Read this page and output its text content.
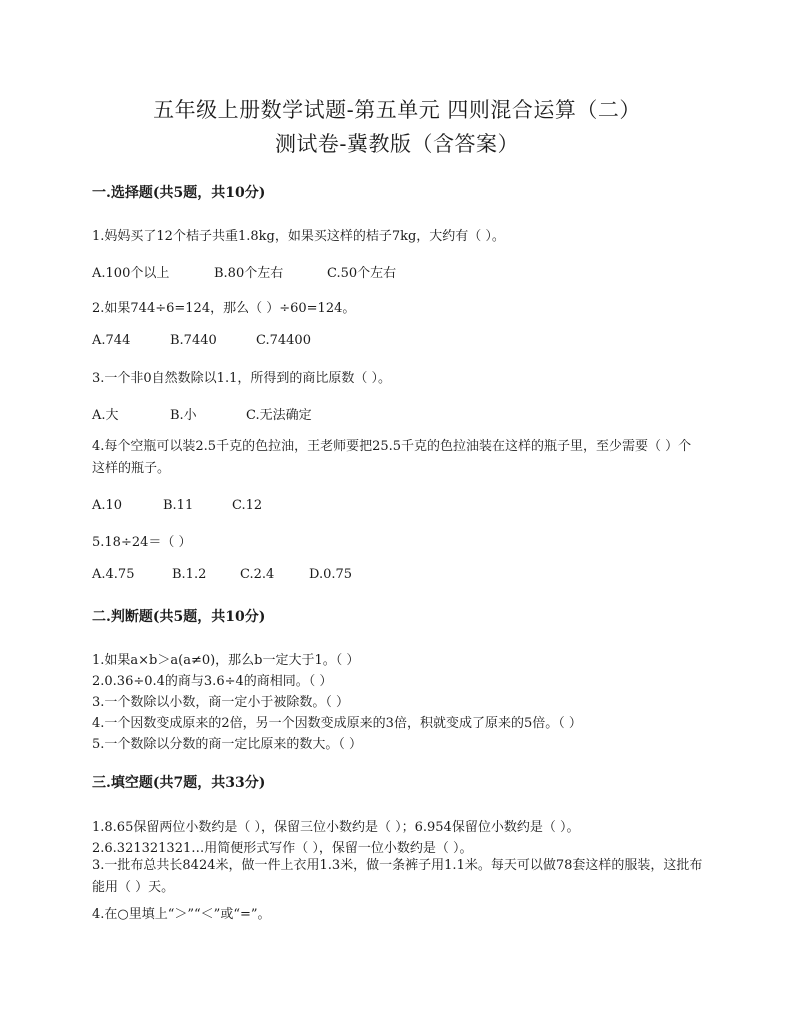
五年级上册数学试题-第五单元 四则混合运算（二）
测试卷-冀教版（含答案）
一.选择题(共5题，共10分)
1.妈妈买了12个桔子共重1.8kg，如果买这样的桔子7kg，大约有（ ）。
A.100个以上	B.80个左右	C.50个左右
2.如果744÷6=124，那么（ ）÷60=124。
A.744	B.7440	C.74400
3.一个非0自然数除以1.1，所得到的商比原数（ ）。
A.大	B.小	C.无法确定
4.每个空瓶可以装2.5千克的色拉油，王老师要把25.5千克的色拉油装在这样的瓶子里，至少需要（ ）个这样的瓶子。
A.10	B.11	C.12
5.18÷24＝（ ）
A.4.75	B.1.2	C.2.4	D.0.75
二.判断题(共5题，共10分)
1.如果a×b＞a(a≠0)，那么b一定大于1。（ ）
2.0.36÷0.4的商与3.6÷4的商相同。（ ）
3.一个数除以小数，商一定小于被除数。（ ）
4.一个因数变成原来的2倍，另一个因数变成原来的3倍，积就变成了原来的5倍。（ ）
5.一个数除以分数的商一定比原来的数大。（ ）
三.填空题(共7题，共33分)
1.8.65保留两位小数约是（ ），保留三位小数约是（ ）；6.954保留位小数约是（ ）。
2.6.321321321…用简便形式写作（ ），保留一位小数约是（ ）。
3.一批布总共长8424米，做一件上衣用1.3米，做一条裤子用1.1米。每天可以做78套这样的服装，这批布能用（ ）天。
4.在○里填上“＞”“＜”或“=”。
